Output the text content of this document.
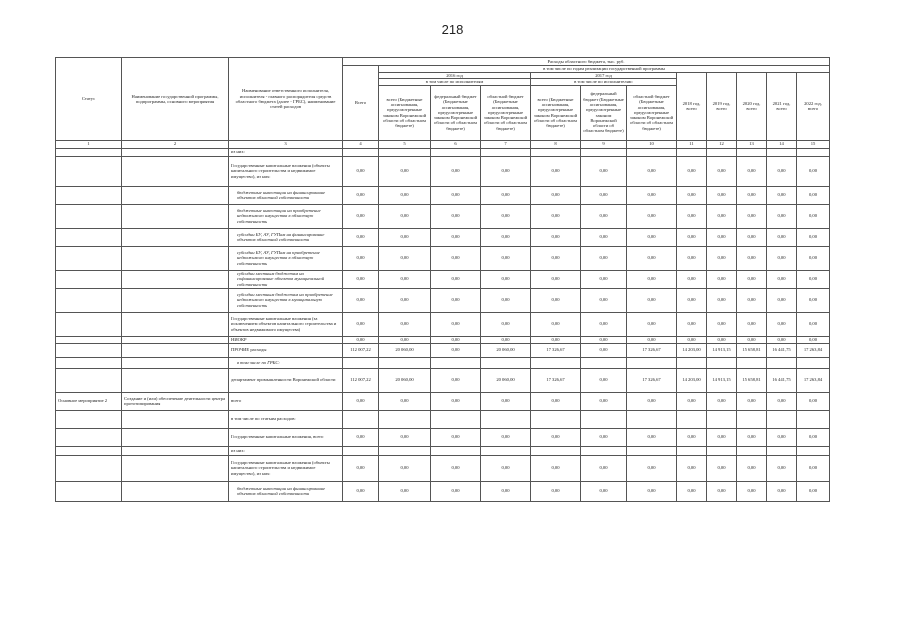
218
Статус	Наименование государственной программы, подпрограммы, основного мероприятия	Наименование ответственного исполнителя, исполнителя - главного распорядителя средств областного бюджета (далее - ГРБС), наименование статей расходов	Расходы областного бюджета, тыс. руб.											
			Всего	в том числе по годам реализации государственной программы										
				2016 год			2017 год			2018 год, всего	2019 год, всего	2020 год, всего	2021 год, всего	2022 год, всего
				в том числе по исполнителям			в том числе по исполнителям:							
				всего (Бюджетные ассигнования, предусмотренные законом Воронежской области об областном бюджете)	федеральный бюджет (Бюджетные ассигнования, предусмотренные законом Воронежской области об областном бюджете)	областной бюджет (Бюджетные ассигнования, предусмотренные законом Воронежской области об областном бюджете)	всего (Бюджетные ассигнования, предусмотренные законом Воронежской области об областном бюджете)	федеральный бюджет (Бюджетные ассигнования, предусмотренные законом Воронежской области об областном бюджете)	областной бюджет (Бюджетные ассигнования, предусмотренные законом Воронежской области об областном бюджете)					
1	2	3	4	5	6	7	8	9	10	11	12	13	14	15
		из них:												
		Государственные капитальные вложения (объекты капитального строительства и недвижимое имущество), из них:	0,00	0,00	0,00	0,00	0,00	0,00	0,00	0,00	0,00	0,00	0,00	0,00
		бюджетные инвестиции на финансирование объектов областной собственности	0,00	0,00	0,00	0,00	0,00	0,00	0,00	0,00	0,00	0,00	0,00	0,00
		бюджетные инвестиции на приобретение недвижимого имущества в областную собственность	0,00	0,00	0,00	0,00	0,00	0,00	0,00	0,00	0,00	0,00	0,00	0,00
		субсидии БУ, АУ, ГУПам на финансирование объектов областной собственности	0,00	0,00	0,00	0,00	0,00	0,00	0,00	0,00	0,00	0,00	0,00	0,00
		субсидии БУ, АУ, ГУПам на приобретение недвижимого имущества в областную собственность	0,00	0,00	0,00	0,00	0,00	0,00	0,00	0,00	0,00	0,00	0,00	0,00
		субсидии местным бюджетам на софинансирование объектов муниципальной собственности	0,00	0,00	0,00	0,00	0,00	0,00	0,00	0,00	0,00	0,00	0,00	0,00
		субсидии местным бюджетам на приобретение недвижимого имущества в муниципальную собственность	0,00	0,00	0,00	0,00	0,00	0,00	0,00	0,00	0,00	0,00	0,00	0,00
		Государственные капитальные вложения (за исключением объектов капитального строительства и объектов недвижимого имущества)	0,00	0,00	0,00	0,00	0,00	0,00	0,00	0,00	0,00	0,00	0,00	0,00
		НИОКР	0,00	0,00	0,00	0,00	0,00	0,00	0,00	0,00	0,00	0,00	0,00	0,00
		ПРОЧИЕ расходы	112 007,22	20 060,00	0,00	20 060,00	17 326,67	0,00	17 326,67	14 203,00	14 913,15	15 658,81	16 441,75	17 263,84
		в том числе по ГРБС:												
		департамент промышленности Воронежской области	112 007,22	20 060,00	0,00	20 060,00	17 326,67	0,00	17 326,67	14 203,00	14 913,15	15 658,81	16 441,75	17 263,84
Основное мероприятие 2	Создание и (или) обеспечение деятельности центра прототипирования	всего	0,00	0,00	0,00	0,00	0,00	0,00	0,00	0,00	0,00	0,00	0,00	0,00
		в том числе по статьям расходов:												
		Государственные капитальные вложения, всего	0,00	0,00	0,00	0,00	0,00	0,00	0,00	0,00	0,00	0,00	0,00	0,00
		из них:												
		Государственные капитальные вложения (объекты капитального строительства и недвижимое имущество), из них:	0,00	0,00	0,00	0,00	0,00	0,00	0,00	0,00	0,00	0,00	0,00	0,00
		бюджетные инвестиции на финансирование объектов областной собственности	0,00	0,00	0,00	0,00	0,00	0,00	0,00	0,00	0,00	0,00	0,00	0,00
